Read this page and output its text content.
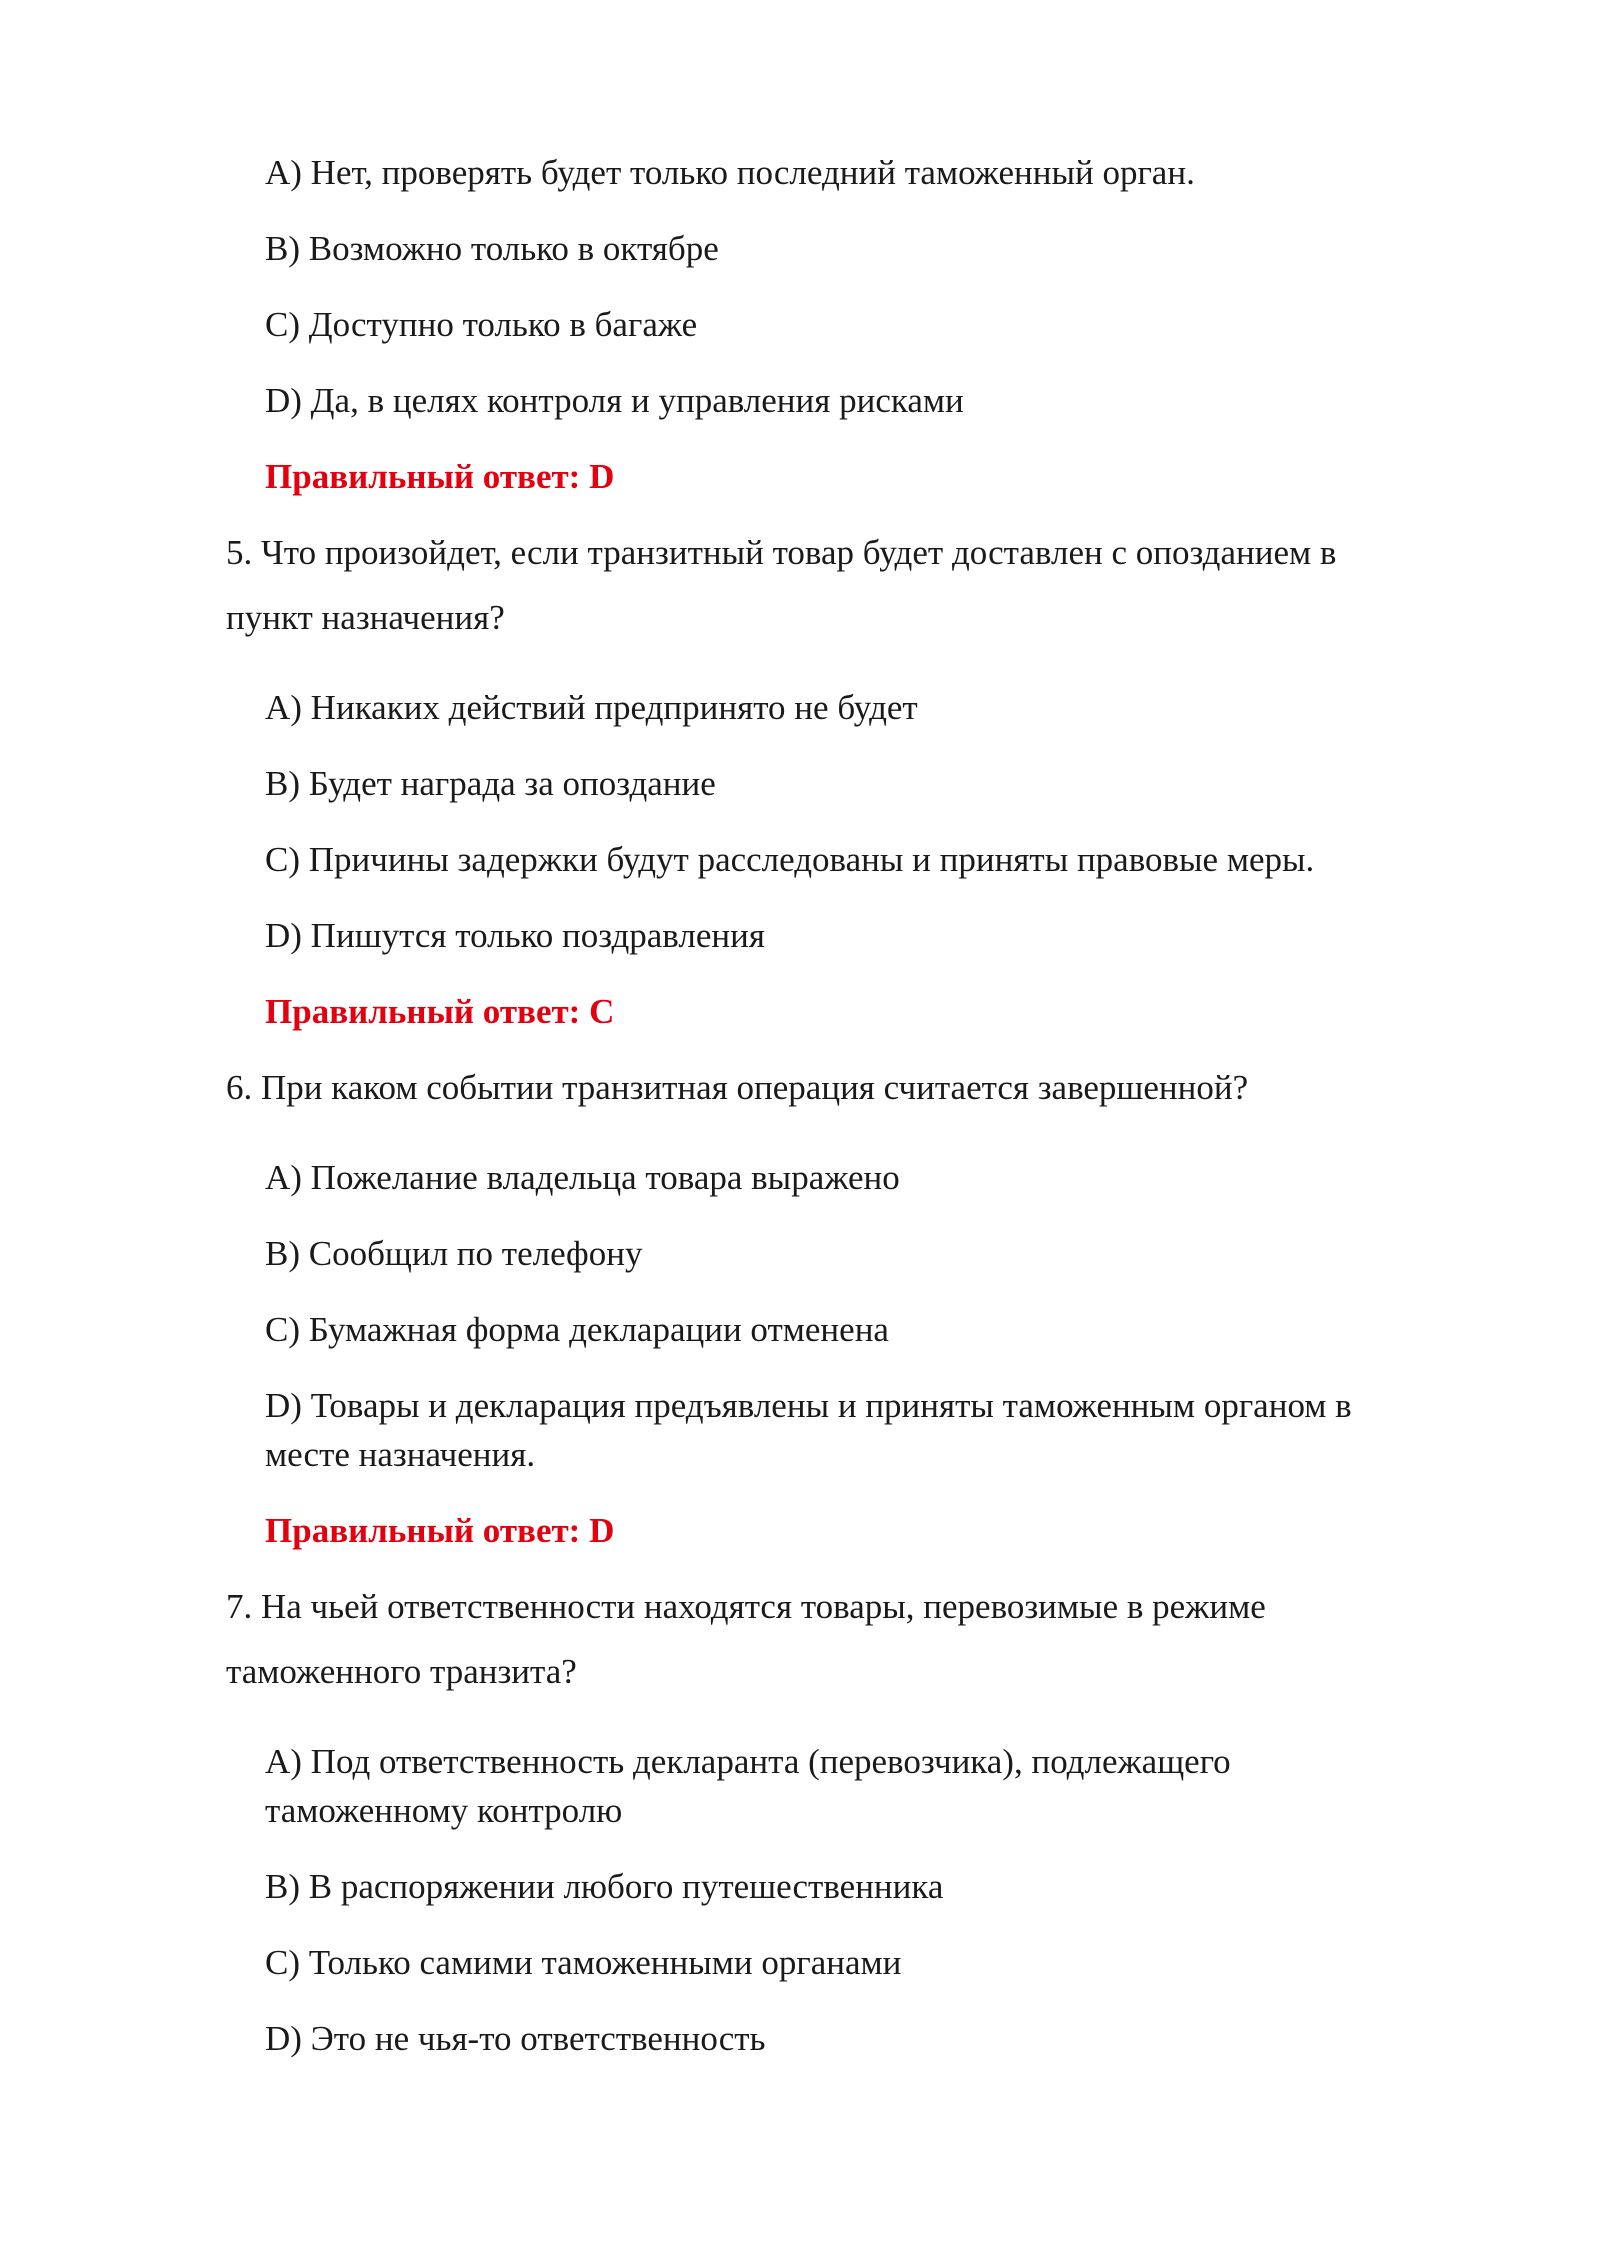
A) Нет, проверять будет только последний таможенный орган.
B) Возможно только в октябре
C) Доступно только в багаже
D) Да, в целях контроля и управления рисками
Правильный ответ: D
5. Что произойдет, если транзитный товар будет доставлен с опозданием в
пункт назначения?
A) Никаких действий предпринято не будет
B) Будет награда за опоздание
C) Причины задержки будут расследованы и приняты правовые меры.
D) Пишутся только поздравления
Правильный ответ: C
6. При каком событии транзитная операция считается завершенной?
A) Пожелание владельца товара выражено
B) Сообщил по телефону
C) Бумажная форма декларации отменена
D) Товары и декларация предъявлены и приняты таможенным органом в
месте назначения.
Правильный ответ: D
7. На чьей ответственности находятся товары, перевозимые в режиме
таможенного транзита?
A) Под ответственность декларанта (перевозчика), подлежащего
таможенному контролю
B) В распоряжении любого путешественника
C) Только самими таможенными органами
D) Это не чья-то ответственность
